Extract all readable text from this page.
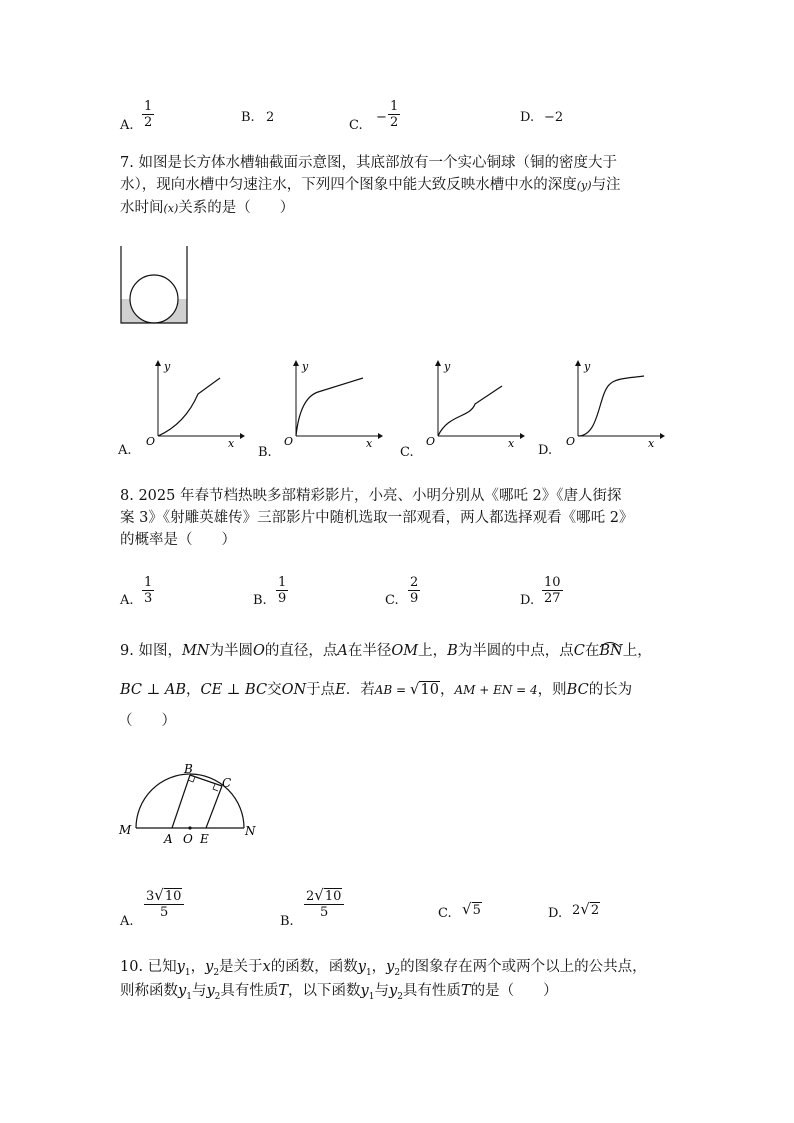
A. $\frac{1}{2}$	B. 2
C.
− $\frac{1}{2}$	D. −2
7. 如图是长方体水槽轴截面示意图，其底部放有一个实心铜球（铜的密度大于
水），现向水槽中匀速注水，下列四个图象中能大致反映水槽中水的深度(y)与注
水时间(x)关系的是（　　）
A.
y
x
O
B.
y
x
O
C.
y
x
O
D.
y
x
O
8. 2025 年春节档热映多部精彩影片，小亮、小明分别从《哪吒 2》《唐人街探
案 3》《射雕英雄传》三部影片中随机选取一部观看，两人都选择观看《哪吒 2》
的概率是（　　）
A. $\frac{1}{3}$	B. $\frac{1}{9}$	C. $\frac{2}{9}$	D. $\frac{10}{27}$
9. 如图，MN为半圆O的直径，点A在半径OM上，B为半圆的中点，点C在
BN上，
BC ⊥ AB，CE ⊥ BC交ON于点E．若AB = √10，AM + EN = 4，则BC的长为
（　　）
B
C
M	N
A O E
A.
$\frac{3√10}{5}$
B.
$\frac{2√10}{5}$	C. √5	D. 2√2
10. 已知$y_1$，$y_2$是关于x的函数，函数$y_1$，$y_2$的图象存在两个或两个以上的公共点，
则称函数$y_1$与$y_2$具有性质T，以下函数$y_1$与$y_2$具有性质T的是（　　）
